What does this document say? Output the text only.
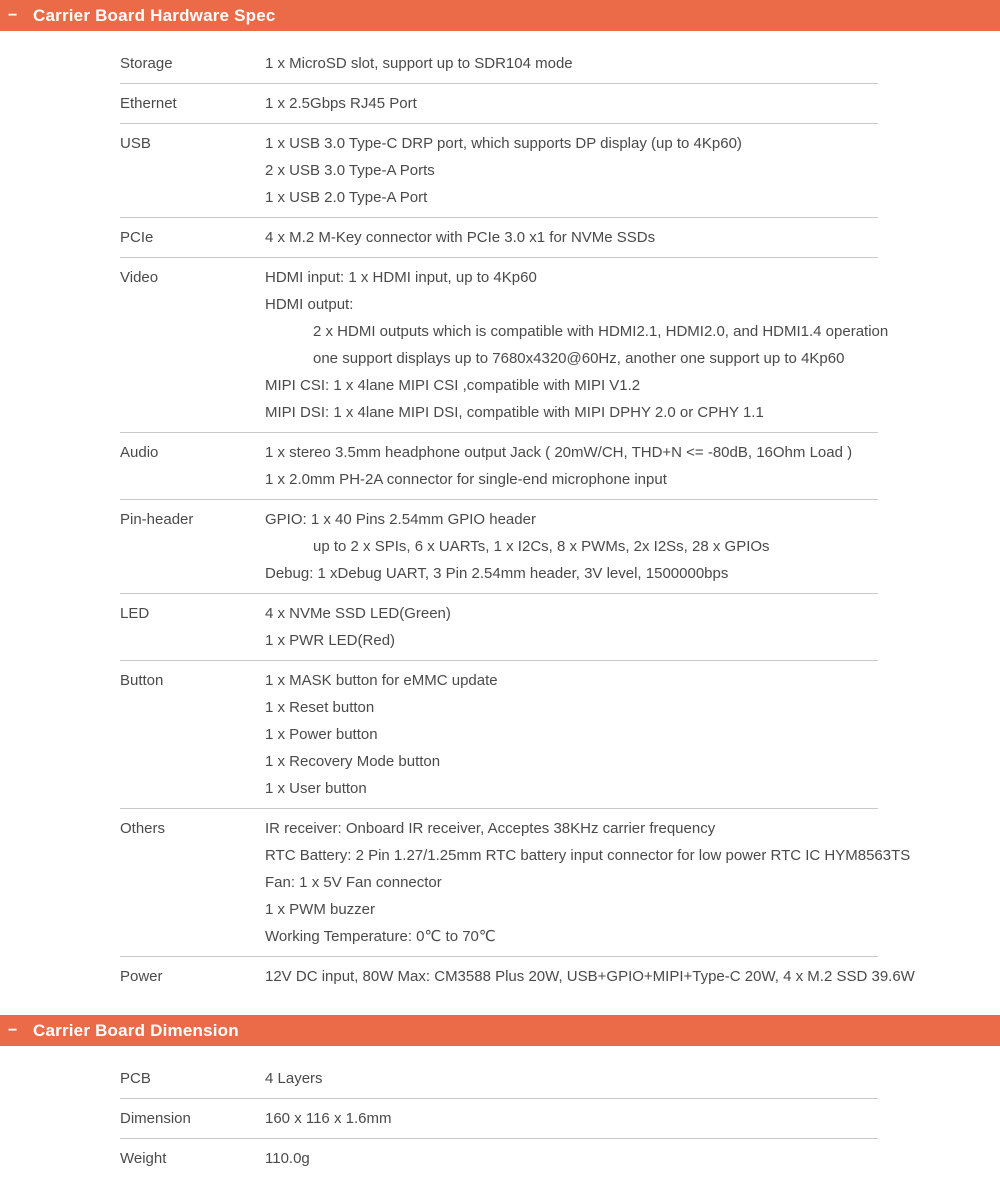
− Carrier Board Hardware Spec
Storage	1 x MicroSD slot, support up to SDR104 mode
Ethernet	1 x 2.5Gbps RJ45 Port
USB	1 x USB 3.0 Type-C DRP port, which supports DP display (up to 4Kp60)
2 x USB 3.0 Type-A Ports
1 x USB 2.0 Type-A Port
PCIe	4 x M.2 M-Key connector with PCIe 3.0 x1 for NVMe SSDs
Video	HDMI input: 1 x HDMI input, up to 4Kp60
HDMI output:
2 x HDMI outputs which is compatible with HDMI2.1, HDMI2.0, and HDMI1.4 operation
one support displays up to 7680x4320@60Hz, another one support up to 4Kp60
MIPI CSI: 1 x 4lane MIPI CSI ,compatible with MIPI V1.2
MIPI DSI: 1 x 4lane MIPI DSI, compatible with MIPI DPHY 2.0 or CPHY 1.1
Audio	1 x stereo 3.5mm headphone output Jack ( 20mW/CH, THD+N <= -80dB, 16Ohm Load )
1 x 2.0mm PH-2A connector for single-end microphone input
Pin-header	GPIO: 1 x 40 Pins 2.54mm GPIO header
up to 2 x SPIs, 6 x UARTs, 1 x I2Cs, 8 x PWMs, 2x I2Ss, 28 x GPIOs
Debug: 1 xDebug UART, 3 Pin 2.54mm header, 3V level, 1500000bps
LED	4 x NVMe SSD LED(Green)
1 x PWR LED(Red)
Button	1 x MASK button for eMMC update
1 x Reset button
1 x Power button
1 x Recovery Mode button
1 x User button
Others	IR receiver: Onboard IR receiver, Acceptes 38KHz carrier frequency
RTC Battery: 2 Pin 1.27/1.25mm RTC battery input connector for low power RTC IC HYM8563TS
Fan: 1 x 5V Fan connector
1 x PWM buzzer
Working Temperature: 0℃ to 70℃
Power	12V DC input, 80W Max: CM3588 Plus 20W, USB+GPIO+MIPI+Type-C 20W, 4 x M.2 SSD 39.6W
− Carrier Board Dimension
PCB	4 Layers
Dimension	160 x 116 x 1.6mm
Weight	110.0g
